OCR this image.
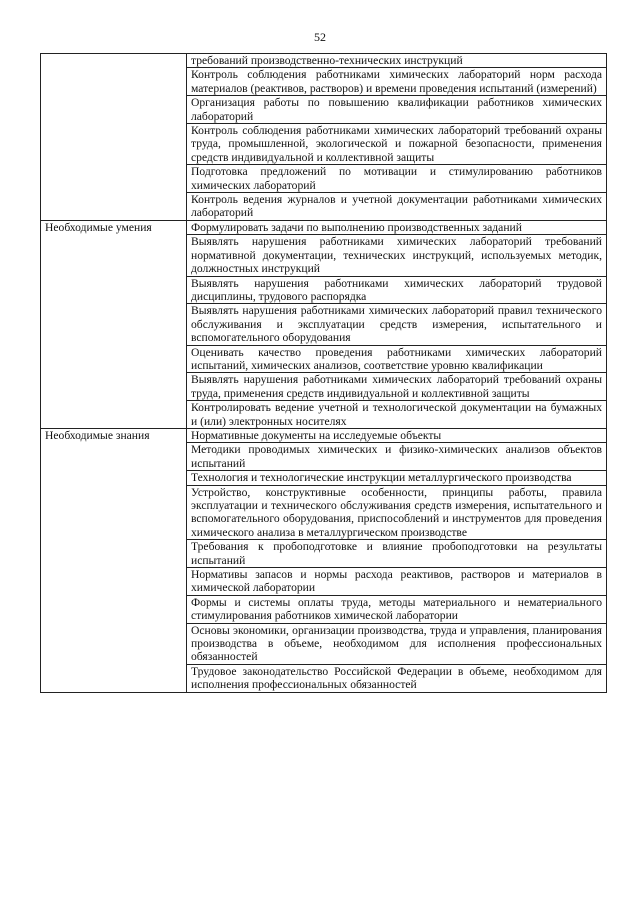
52
	требований производственно-технических инструкций
	Контроль соблюдения работниками химических лабораторий норм расхода материалов (реактивов, растворов) и времени проведения испытаний (измерений)
	Организация работы по повышению квалификации работников химических лабораторий
	Контроль соблюдения работниками химических лабораторий требований охраны труда, промышленной, экологической и пожарной безопасности, применения средств индивидуальной и коллективной защиты
	Подготовка предложений по мотивации и стимулированию работников химических лабораторий
	Контроль ведения журналов и учетной документации работниками химических лабораторий
Необходимые умения	Формулировать задачи по выполнению производственных заданий
	Выявлять нарушения работниками химических лабораторий требований нормативной документации, технических инструкций, используемых методик, должностных инструкций
	Выявлять нарушения работниками химических лабораторий трудовой дисциплины, трудового распорядка
	Выявлять нарушения работниками химических лабораторий правил технического обслуживания и эксплуатации средств измерения, испытательного и вспомогательного оборудования
	Оценивать качество проведения работниками химических лабораторий испытаний, химических анализов, соответствие уровню квалификации
	Выявлять нарушения работниками химических лабораторий требований охраны труда, применения средств индивидуальной и коллективной защиты
	Контролировать ведение учетной и технологической документации на бумажных и (или) электронных носителях
Необходимые знания	Нормативные документы на исследуемые объекты
	Методики проводимых химических и физико-химических анализов объектов испытаний
	Технология и технологические инструкции металлургического производства
	Устройство, конструктивные особенности, принципы работы, правила эксплуатации и технического обслуживания средств измерения, испытательного и вспомогательного оборудования, приспособлений и инструментов для проведения химического анализа в металлургическом производстве
	Требования к пробоподготовке и влияние пробоподготовки на результаты испытаний
	Нормативы запасов и нормы расхода реактивов, растворов и материалов в химической лаборатории
	Формы и системы оплаты труда, методы материального и нематериального стимулирования работников химической лаборатории
	Основы экономики, организации производства, труда и управления, планирования производства в объеме, необходимом для исполнения профессиональных обязанностей
	Трудовое законодательство Российской Федерации в объеме, необходимом для исполнения профессиональных обязанностей
